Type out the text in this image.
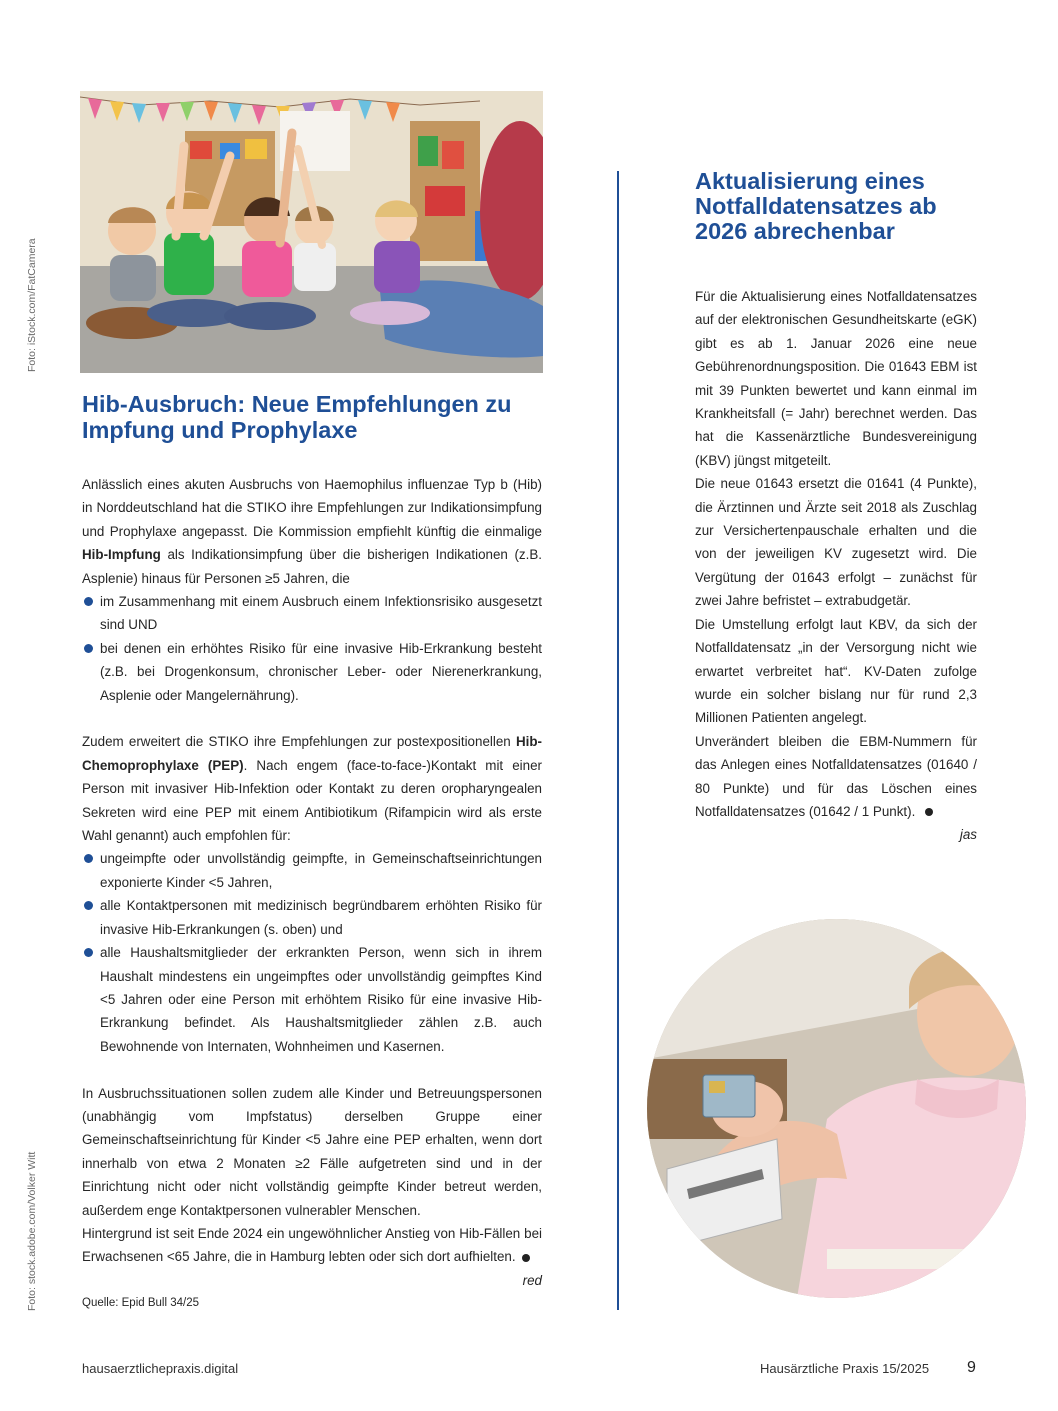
Foto: iStock.com/FatCamera
Foto: stock.adobe.com/Volker Witt
Hib-Ausbruch: Neue Empfehlungen zu Impfung und Prophylaxe

Anlässlich eines akuten Ausbruchs von Haemophilus influenzae Typ b (Hib) in Norddeutschland hat die STIKO ihre Empfehlungen zur Indikationsimpfung und Prophylaxe angepasst. Die Kommission empfiehlt künftig die einmalige Hib-Impfung als Indikationsimpfung über die bisherigen Indikationen (z.B. Asplenie) hinaus für Personen ≥5 Jahren, die

im Zusammenhang mit einem Ausbruch einem Infektionsrisiko ausgesetzt sind UND
bei denen ein erhöhtes Risiko für eine invasive Hib-Erkrankung besteht (z.B. bei Drogenkonsum, chronischer Leber- oder Nierenerkrankung, Asplenie oder Mangelernährung).

Zudem erweitert die STIKO ihre Empfehlungen zur postexpositionellen Hib-Chemoprophylaxe (PEP). Nach engem (face-to-face-)Kontakt mit einer Person mit invasiver Hib-Infektion oder Kontakt zu deren oropharyngealen Sekreten wird eine PEP mit einem Antibiotikum (Rifampicin wird als erste Wahl genannt) auch empfohlen für:

ungeimpfte oder unvollständig geimpfte, in Gemeinschaftseinrichtungen exponierte Kinder <5 Jahren,
alle Kontaktpersonen mit medizinisch begründbarem erhöhten Risiko für invasive Hib-Erkrankungen (s. oben) und
alle Haushaltsmitglieder der erkrankten Person, wenn sich in ihrem Haushalt mindestens ein ungeimpftes oder unvollständig geimpftes Kind <5 Jahren oder eine Person mit erhöhtem Risiko für eine invasive Hib-Erkrankung befindet. Als Haushaltsmitglieder zählen z.B. auch Bewohnende von Internaten, Wohnheimen und Kasernen.

In Ausbruchssituationen sollen zudem alle Kinder und Betreuungspersonen (unabhängig vom Impfstatus) derselben Gruppe einer Gemeinschaftseinrichtung für Kinder <5 Jahre eine PEP erhalten, wenn dort innerhalb von etwa 2 Monaten ≥2 Fälle aufgetreten sind und in der Einrichtung nicht oder nicht vollständig geimpfte Kinder betreut werden, außerdem enge Kontaktpersonen vulnerabler Menschen.

Hintergrund ist seit Ende 2024 ein ungewöhnlicher Anstieg von Hib-Fällen bei Erwachsenen <65 Jahre, die in Hamburg lebten oder sich dort aufhielten.

red
Quelle: Epid Bull 34/25
Aktualisierung eines Notfalldatensatzes ab 2026 abrechenbar

Für die Aktualisierung eines Notfalldatensatzes auf der elektronischen Gesundheitskarte (eGK) gibt es ab 1. Januar 2026 eine neue Gebührenordnungsposition. Die 01643 EBM ist mit 39 Punkten bewertet und kann einmal im Krankheitsfall (= Jahr) berechnet werden. Das hat die Kassenärztliche Bundesvereinigung (KBV) jüngst mitgeteilt.

Die neue 01643 ersetzt die 01641 (4 Punkte), die Ärztinnen und Ärzte seit 2018 als Zuschlag zur Versichertenpauschale erhalten und die von der jeweiligen KV zugesetzt wird. Die Vergütung der 01643 erfolgt – zunächst für zwei Jahre befristet – extrabudgetär.

Die Umstellung erfolgt laut KBV, da sich der Notfalldatensatz „in der Versorgung nicht wie erwartet verbreitet hat“. KV-Daten zufolge wurde ein solcher bislang nur für rund 2,3 Millionen Patienten angelegt.

Unverändert bleiben die EBM-Nummern für das Anlegen eines Notfalldatensatzes (01640 / 80 Punkte) und für das Löschen eines Notfalldatensatzes (01642 / 1 Punkt).

jas
hausaerztlichepraxis.digital	Hausärztliche Praxis 15/2025 9
